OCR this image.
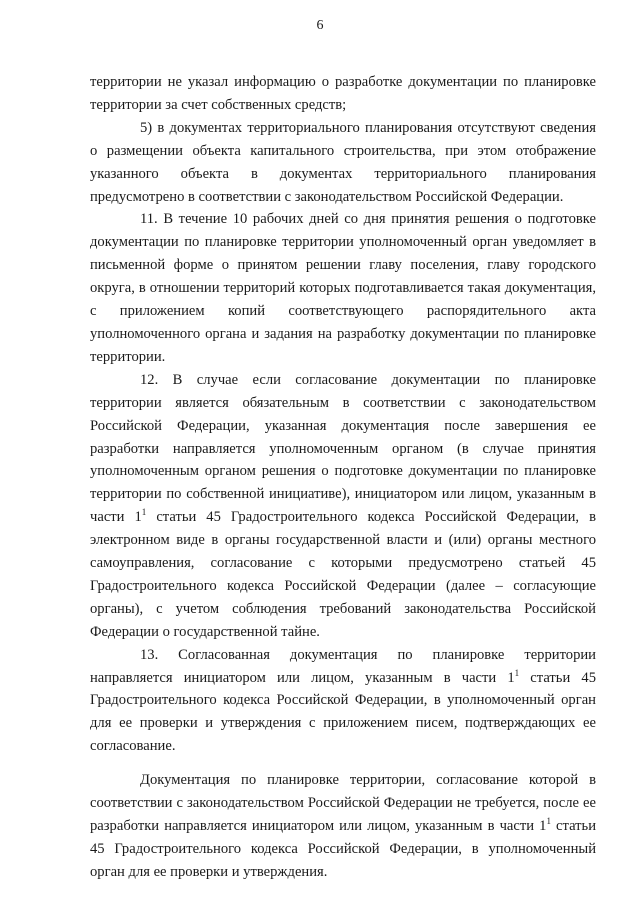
6

территории не указал информацию о разработке документации по планировке территории за счет собственных средств;

5) в документах территориального планирования отсутствуют сведения о размещении объекта капитального строительства, при этом отображение указанного объекта в документах территориального планирования предусмотрено в соответствии с законодательством Российской Федерации.

11. В течение 10 рабочих дней со дня принятия решения о подготовке документации по планировке территории уполномоченный орган уведомляет в письменной форме о принятом решении главу поселения, главу городского округа, в отношении территорий которых подготавливается такая документация, с приложением копий соответствующего распорядительного акта уполномоченного органа и задания на разработку документации по планировке территории.

12. В случае если согласование документации по планировке территории является обязательным в соответствии с законодательством Российской Федерации, указанная документация после завершения ее разработки направляется уполномоченным органом (в случае принятия уполномоченным органом решения о подготовке документации по планировке территории по собственной инициативе), инициатором или лицом, указанным в части $1^1$ статьи 45 Градостроительного кодекса Российской Федерации, в электронном виде в органы государственной власти и (или) органы местного самоуправления, согласование с которыми предусмотрено статьей 45 Градостроительного кодекса Российской Федерации (далее – согласующие органы), с учетом соблюдения требований законодательства Российской Федерации о государственной тайне.

13. Согласованная документация по планировке территории направляется инициатором или лицом, указанным в части $1^1$ статьи 45 Градостроительного кодекса Российской Федерации, в уполномоченный орган для ее проверки и утверждения с приложением писем, подтверждающих ее согласование.

Документация по планировке территории, согласование которой в соответствии с законодательством Российской Федерации не требуется, после ее разработки направляется инициатором или лицом, указанным в части $1^1$ статьи 45 Градостроительного кодекса Российской Федерации, в уполномоченный орган для ее проверки и утверждения.
